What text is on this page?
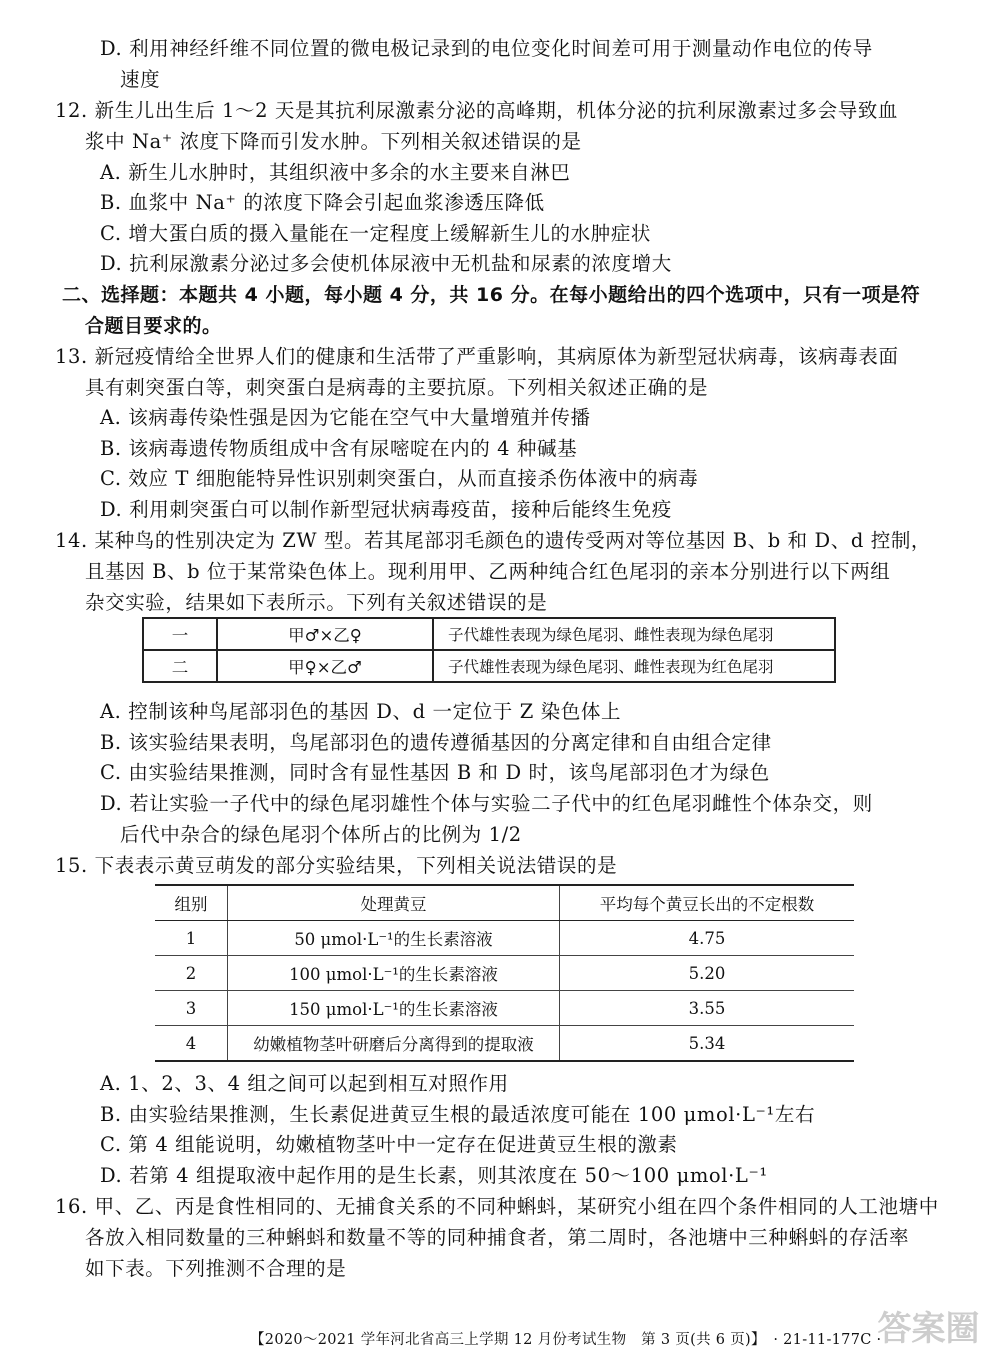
D. 利用神经纤维不同位置的微电极记录到的电位变化时间差可用于测量动作电位的传导
速度
12. 新生儿出生后 1～2 天是其抗利尿激素分泌的高峰期，机体分泌的抗利尿激素过多会导致血
浆中 Na⁺ 浓度下降而引发水肿。下列相关叙述错误的是
A. 新生儿水肿时，其组织液中多余的水主要来自淋巴
B. 血浆中 Na⁺ 的浓度下降会引起血浆渗透压降低
C. 增大蛋白质的摄入量能在一定程度上缓解新生儿的水肿症状
D. 抗利尿激素分泌过多会使机体尿液中无机盐和尿素的浓度增大
二、选择题：本题共 4 小题，每小题 4 分，共 16 分。在每小题给出的四个选项中，只有一项是符
合题目要求的。
13. 新冠疫情给全世界人们的健康和生活带了严重影响，其病原体为新型冠状病毒，该病毒表面
具有刺突蛋白等，刺突蛋白是病毒的主要抗原。下列相关叙述正确的是
A. 该病毒传染性强是因为它能在空气中大量增殖并传播
B. 该病毒遗传物质组成中含有尿嘧啶在内的 4 种碱基
C. 效应 T 细胞能特异性识别刺突蛋白，从而直接杀伤体液中的病毒
D. 利用刺突蛋白可以制作新型冠状病毒疫苗，接种后能终生免疫
14. 某种鸟的性别决定为 ZW 型。若其尾部羽毛颜色的遗传受两对等位基因 B、b 和 D、d 控制，
且基因 B、b 位于某常染色体上。现利用甲、乙两种纯合红色尾羽的亲本分别进行以下两组
杂交实验，结果如下表所示。下列有关叙述错误的是
A. 控制该种鸟尾部羽色的基因 D、d 一定位于 Z 染色体上
B. 该实验结果表明，鸟尾部羽色的遗传遵循基因的分离定律和自由组合定律
C. 由实验结果推测，同时含有显性基因 B 和 D 时，该鸟尾部羽色才为绿色
D. 若让实验一子代中的绿色尾羽雄性个体与实验二子代中的红色尾羽雌性个体杂交，则
后代中杂合的绿色尾羽个体所占的比例为 1/2
15. 下表表示黄豆萌发的部分实验结果，下列相关说法错误的是
A. 1、2、3、4 组之间可以起到相互对照作用
B. 由实验结果推测，生长素促进黄豆生根的最适浓度可能在 100 μmol·L⁻¹左右
C. 第 4 组能说明，幼嫩植物茎叶中一定存在促进黄豆生根的激素
D. 若第 4 组提取液中起作用的是生长素，则其浓度在 50～100 μmol·L⁻¹
16. 甲、乙、丙是食性相同的、无捕食关系的不同种蝌蚪，某研究小组在四个条件相同的人工池塘中
各放入相同数量的三种蝌蚪和数量不等的同种捕食者，第二周时，各池塘中三种蝌蚪的存活率
如下表。下列推测不合理的是
一	甲♂×乙♀	子代雄性表现为绿色尾羽、雌性表现为绿色尾羽
二	甲♀×乙♂	子代雄性表现为绿色尾羽、雌性表现为红色尾羽
组别	处理黄豆	平均每个黄豆长出的不定根数
1	50 μmol·L⁻¹的生长素溶液	4.75
2	100 μmol·L⁻¹的生长素溶液	5.20
3	150 μmol·L⁻¹的生长素溶液	3.55
4	幼嫩植物茎叶研磨后分离得到的提取液	5.34
【2020～2021 学年河北省高三上学期 12 月份考试生物　第 3 页(共 6 页)】　· 21-11-177C ·
答案圈
